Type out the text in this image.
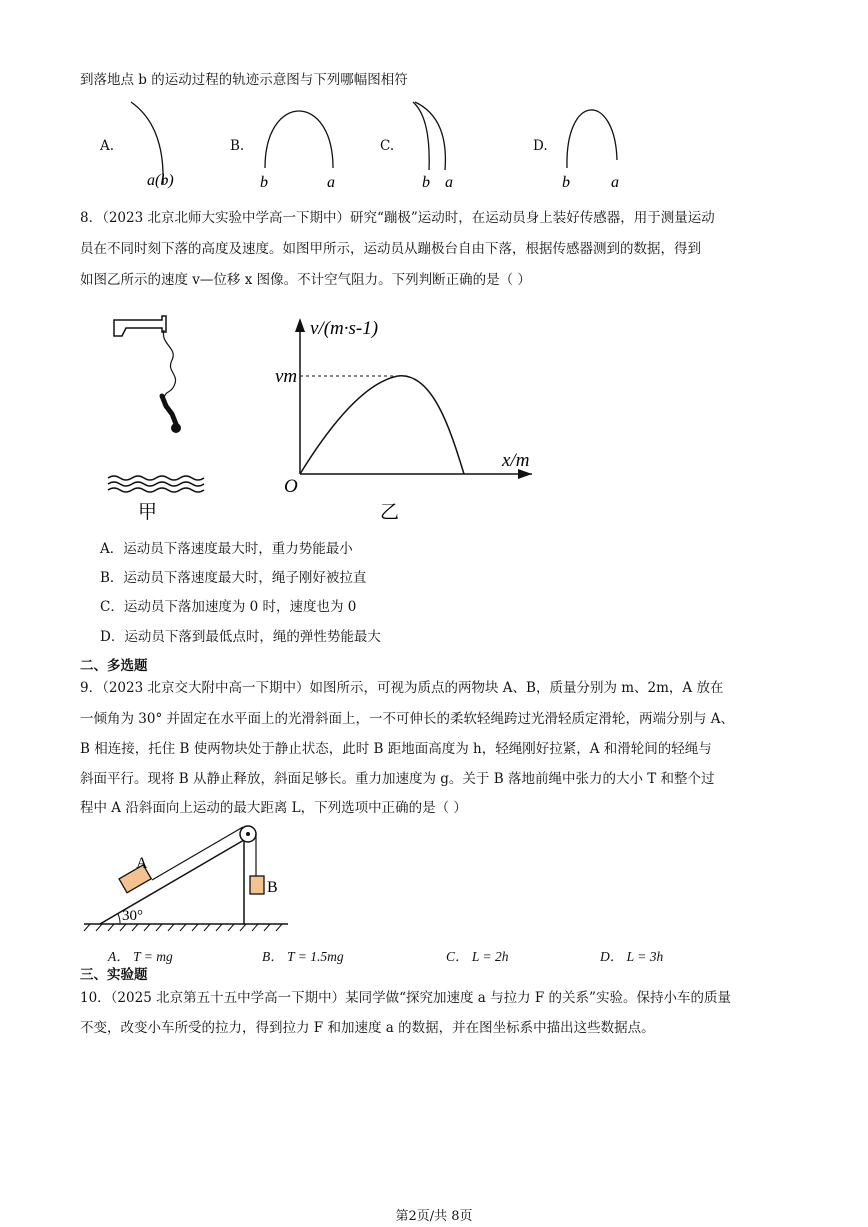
到落地点 b 的运动过程的轨迹示意图与下列哪幅图相符
A.
a(b)
B.
b	a
C.
b a
D.
b	a
8．（2023 北京北师大实验中学高一下期中）研究“蹦极”运动时，在运动员身上装好传感器，用于测量运动
员在不同时刻下落的高度及速度。如图甲所示，运动员从蹦极台自由下落，根据传感器测到的数据，得到
如图乙所示的速度 v—位移 x 图像。不计空气阻力。下列判断正确的是（ ）
甲
v/(m·s-1)
vm
x/m
O
乙
A．运动员下落速度最大时，重力势能最小
B．运动员下落速度最大时，绳子刚好被拉直
C．运动员下落加速度为 0 时，速度也为 0
D．运动员下落到最低点时，绳的弹性势能最大
二、多选题
9．（2023 北京交大附中高一下期中）如图所示，可视为质点的两物块 A、B，质量分别为 m、2m，A 放在
一倾角为 30° 并固定在水平面上的光滑斜面上，一不可伸长的柔软轻绳跨过光滑轻质定滑轮，两端分别与 A、
B 相连接，托住 B 使两物块处于静止状态，此时 B 距地面高度为 h，轻绳刚好拉紧，A 和滑轮间的轻绳与
斜面平行。现将 B 从静止释放，斜面足够长。重力加速度为 g。关于 B 落地前绳中张力的大小 T 和整个过
程中 A 沿斜面向上运动的最大距离 L，下列选项中正确的是（ ）
A
B
30°
A． T = mg	B． T = 1.5mg	C． L = 2h	D． L = 3h
三、实验题
10．（2025 北京第五十五中学高一下期中）某同学做“探究加速度 a 与拉力 F 的关系”实验。保持小车的质量
不变，改变小车所受的拉力，得到拉力 F 和加速度 a 的数据，并在图坐标系中描出这些数据点。
第2页/共 8页
